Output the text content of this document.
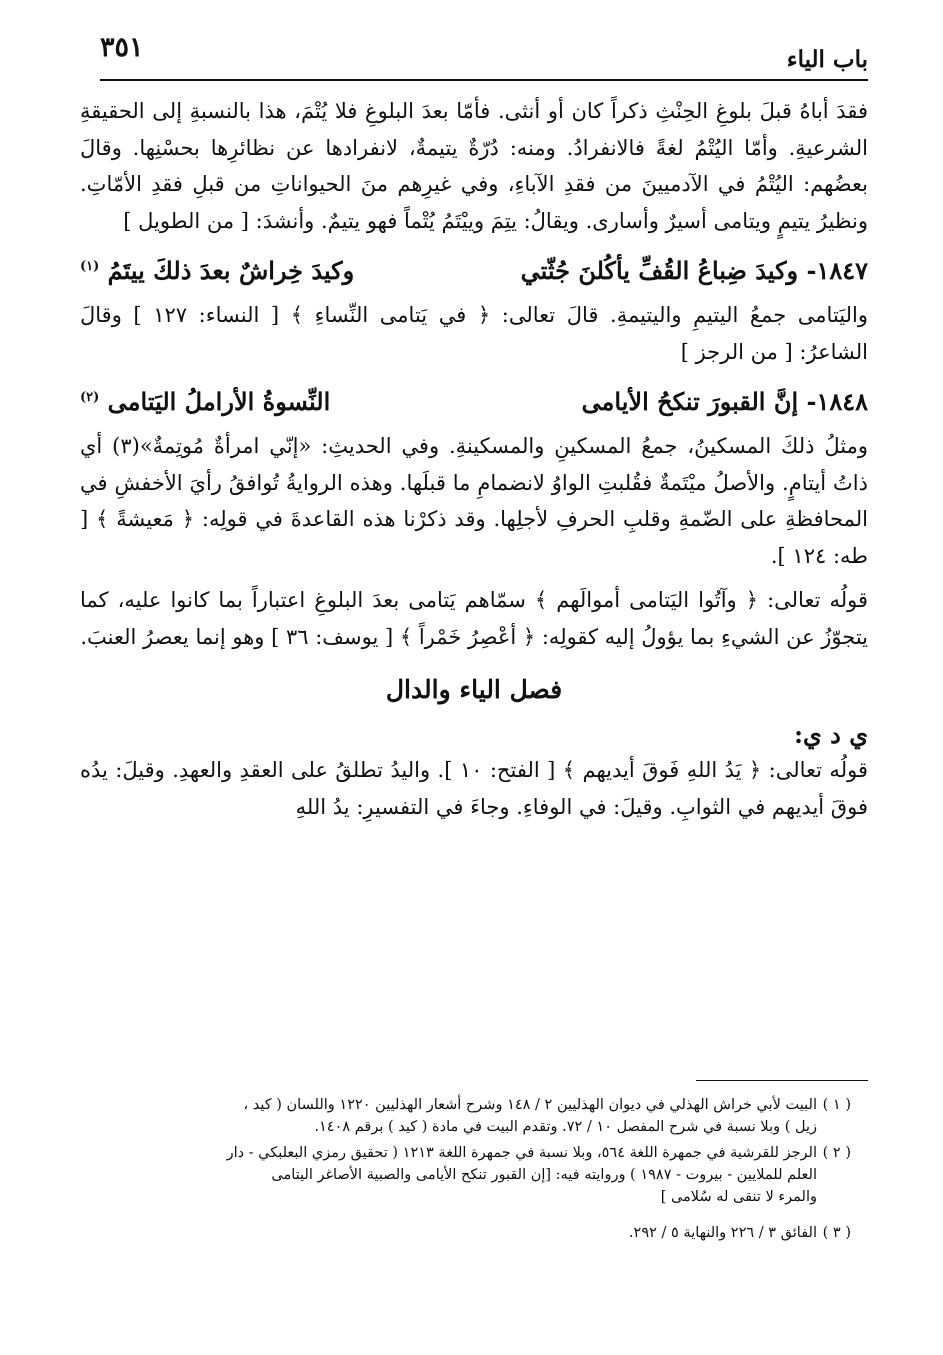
باب الياء
٣٥١

فقدَ أباهُ قبلَ بلوغِ الحِنْثِ ذكراً كان أو أنثى. فأمّا بعدَ البلوغِ فلا يُتْمَ، هذا بالنسبةِ إلى الحقيقةِ الشرعيةِ. وأمّا اليُتْمُ لغةً فالانفرادُ. ومنه: دُرّةٌ يتيمةٌ، لانفرادها عن نظائرِها بحسْنِها. وقالَ بعضُهم: اليُتْمُ في الآدميينَ من فقدِ الآباءِ، وفي غيرِهم منَ الحيواناتِ من قبلِ فقدِ الأمّاتِ. ونظيرُ يتيمٍ ويتامى أسيرٌ وأسارى. ويقالُ: يتِمَ وييْتَمُ يُتْماً فهو يتيمٌ. وأنشدَ: [ من الطويل ]

١٨٤٧- وكيدَ ضِباعُ القُفِّ يأكُلنَ جُثّتي
وكيدَ خِراشٌ بعدَ ذلكَ ييتَمُ $^{(١)}$

واليَتامى جمعُ اليتيمِ واليتيمةِ. قالَ تعالى: ﴿ في يَتامى النِّساءِ ﴾ [ النساء: ١٢٧ ] وقالَ الشاعرُ: [ من الرجز ]

١٨٤٨- إنَّ القبورَ تنكحُ الأيامى
النِّسوةُ الأراملُ اليَتامى $^{(٢)}$

ومثلُ ذلكَ المسكينُ، جمعُ المسكينِ والمسكينةِ. وفي الحديثِ: «إنّي امرأةٌ مُوتِمةٌ»(٣) أي ذاتُ أيتامٍ. والأصلُ ميْتَمةٌ فقُلبتِ الواوُ لانضمامِ ما قبلَها. وهذه الروايةُ تُوافقُ رأيَ الأخفشِ في المحافظةِ على الضّمةِ وقلبِ الحرفِ لأجلِها. وقد ذكرْنا هذه القاعدةَ في قولِه: ﴿ مَعيشةً ﴾ [ طه: ١٢٤ ].

قولُه تعالى: ﴿ وآتُوا اليَتامى أموالَهم ﴾ سمّاهم يَتامى بعدَ البلوغِ اعتباراً بما كانوا عليه، كما يتجوّزُ عن الشيءِ بما يؤولُ إليه كقولِه: ﴿ أعْصِرُ خَمْراً ﴾ [ يوسف: ٣٦ ] وهو إنما يعصرُ العنبَ.

فصل الياء والدال
ي د ي:

قولُه تعالى: ﴿ يَدُ اللهِ فَوقَ أيديهم ﴾ [ الفتح: ١٠ ]. واليدُ تطلقُ على العقدِ والعهدِ. وقيلَ: يدُه فوقَ أيديهم في الثوابِ. وقيلَ: في الوفاءِ. وجاءَ في التفسيرِ: يدُ اللهِ

( ١ )البيت لأبي خراش الهذلي في ديوان الهذليين ٢ / ١٤٨ وشرح أشعار الهذليين ١٢٢٠ واللسان ( كيد ،
زيل ) وبلا نسبة في شرح المفصل ١٠ / ٧٢. وتقدم البيت في مادة ( كيد ) برقم ١٤٠٨.
( ٢ )الرجز للقرشية في جمهرة اللغة ٥٦٤، وبلا نسبة في جمهرة اللغة ١٢١٣ ( تحقيق رمزي البعلبكي - دار
العلم للملايين - بيروت - ١٩٨٧ ) وروايته فيه: [إن القبور تنكح الأيامى والصبية الأصاغر اليتامى
والمرء لا تنقى له سُلامى ]
( ٣ )الفائق ٣ / ٢٢٦ والنهاية ٥ / ٢٩٢.
